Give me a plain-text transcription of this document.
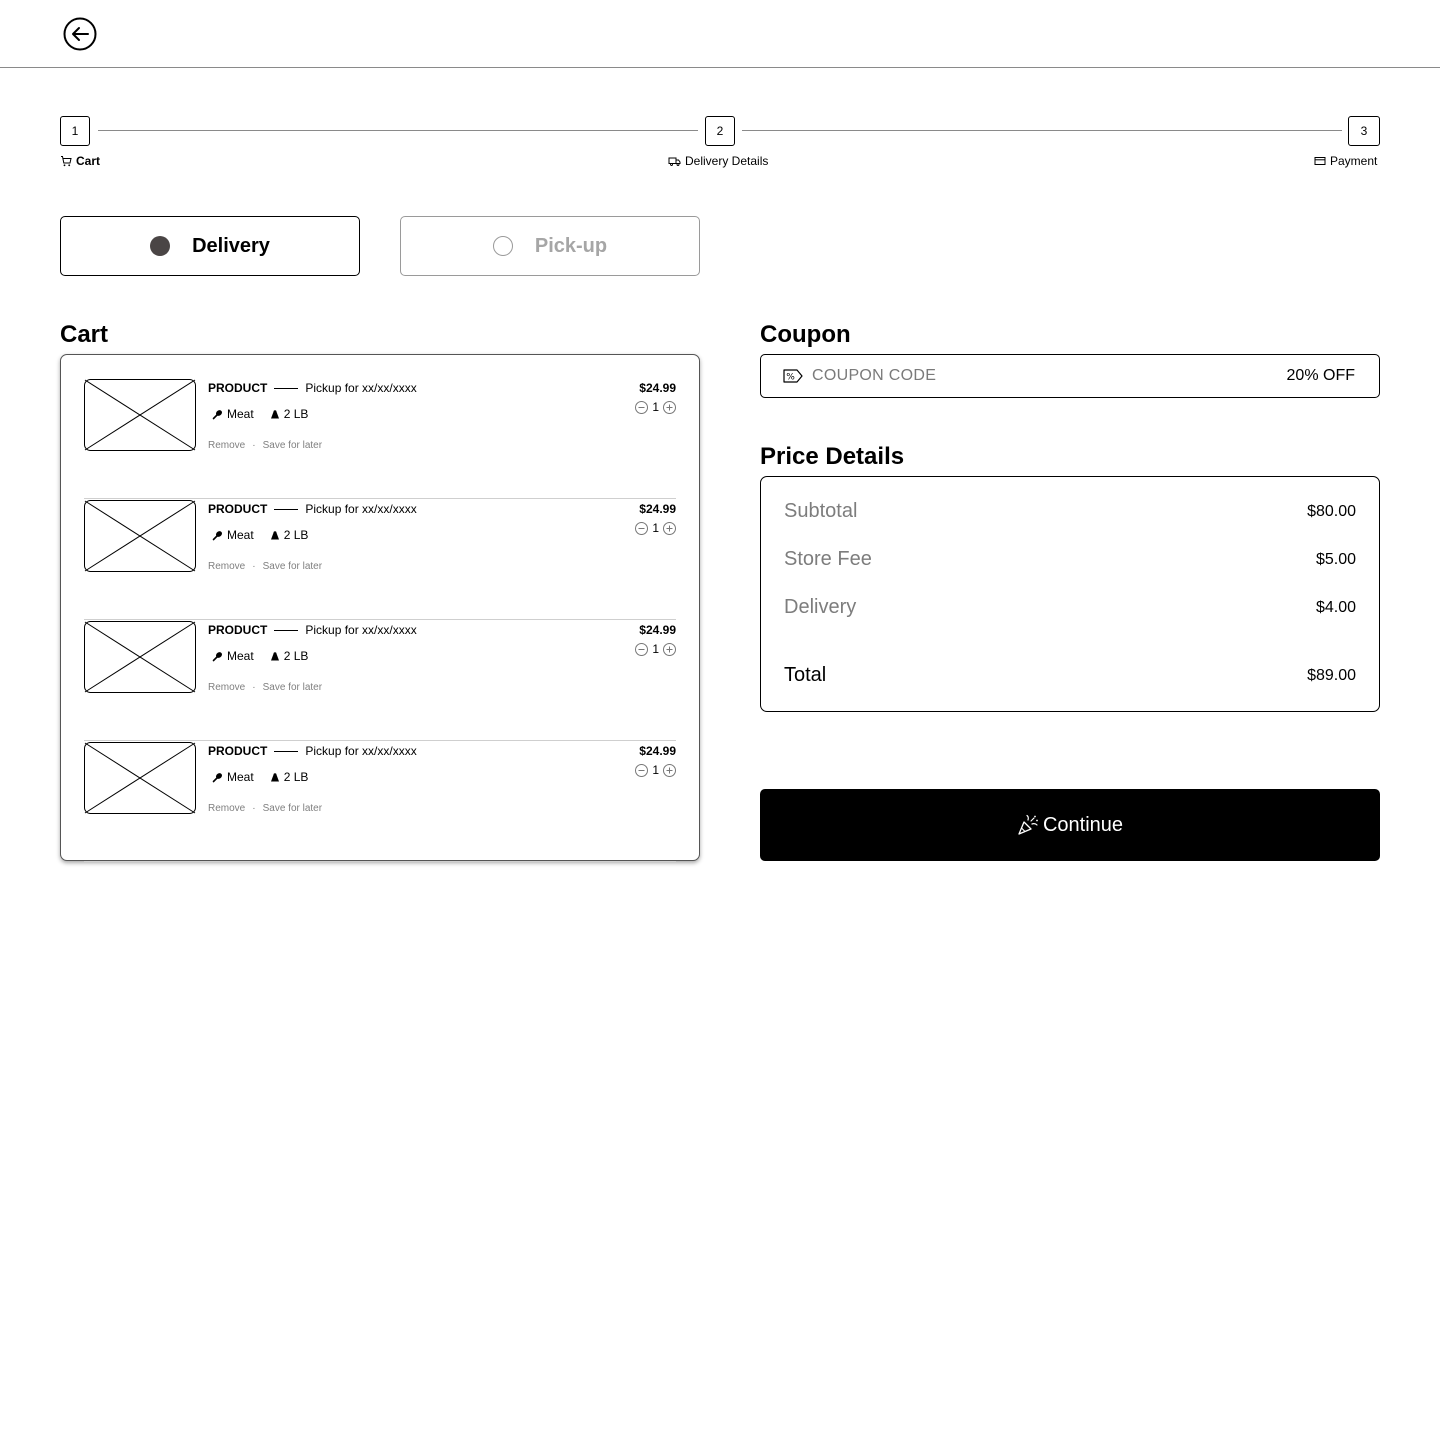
1	2	3
Cart	Delivery Details	Payment
Delivery	Pick-up
Cart
PRODUCT	Pickup for xx/xx/xxxx
Meat	2 LB
Remove · Save for later
$24.99
1
PRODUCT	Pickup for xx/xx/xxxx
Meat	2 LB
Remove · Save for later
$24.99
1
PRODUCT	Pickup for xx/xx/xxxx
Meat	2 LB
Remove · Save for later
$24.99
1
PRODUCT	Pickup for xx/xx/xxxx
Meat	2 LB
Remove · Save for later
$24.99
1
Coupon
%
COUPON CODE	20% OFF
Price Details
Subtotal	$80.00
Store Fee	$5.00
Delivery	$4.00
Total	$89.00
Continue
